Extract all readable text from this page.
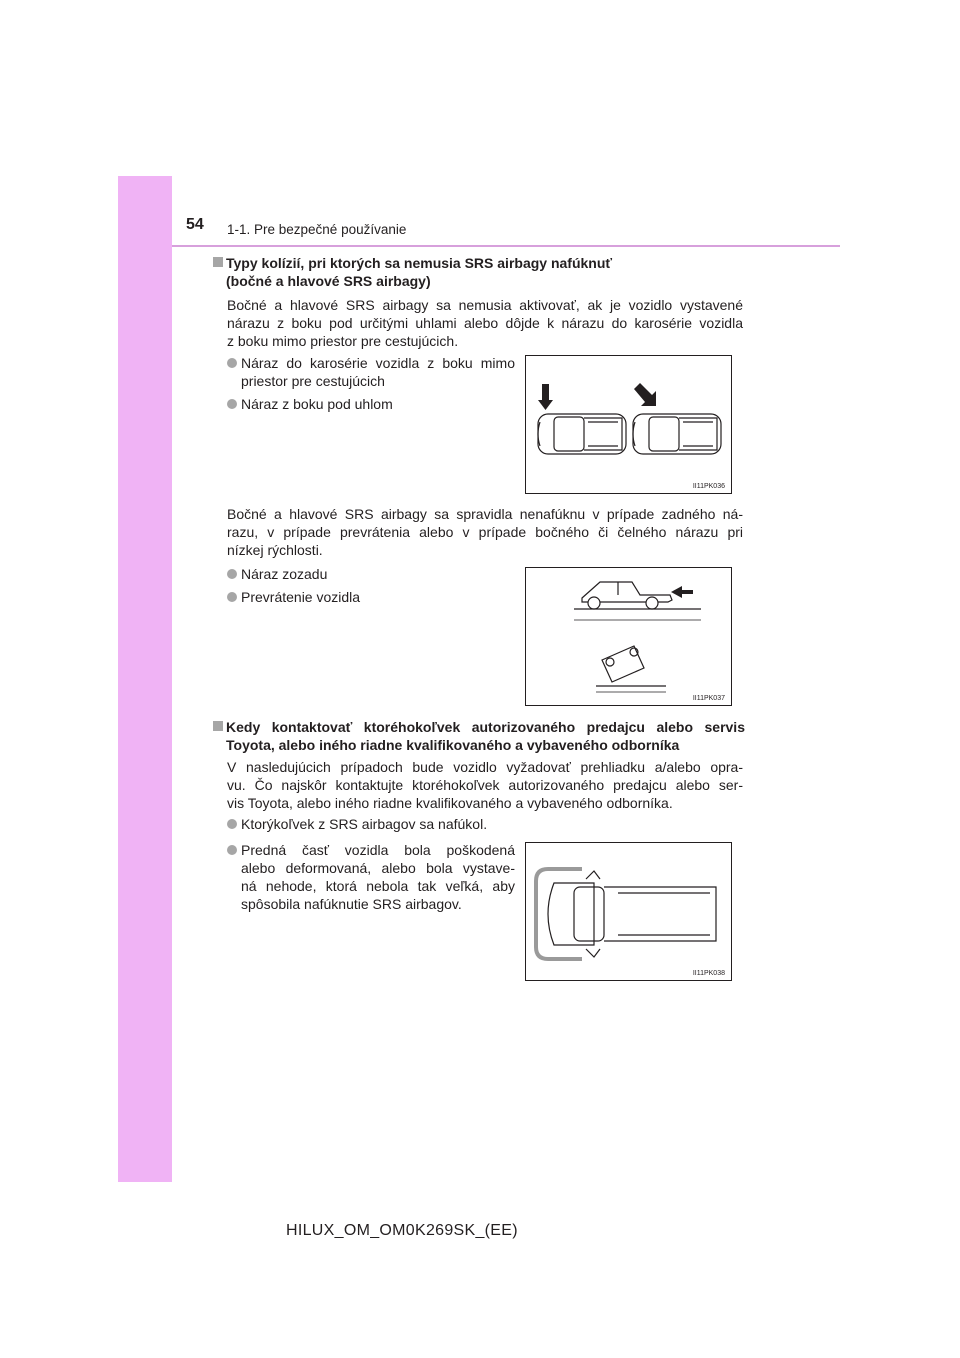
54 1-1. Pre bezpečné používanie
Typy kolízií, pri ktorých sa nemusia SRS airbagy nafúknuť
(bočné a hlavové SRS airbagy)
Bočné a hlavové SRS airbagy sa nemusia aktivovať, ak je vozidlo vystavené
nárazu z boku pod určitými uhlami alebo dôjde k nárazu do karosérie vozidla
z boku mimo priestor pre cestujúcich.
Náraz do karosérie vozidla z boku mimo
priestor pre cestujúcich
Náraz z boku pod uhlom
II11PK036
Bočné a hlavové SRS airbagy sa spravidla nenafúknu v prípade zadného ná-
razu, v prípade prevrátenia alebo v prípade bočného či čelného nárazu pri
nízkej rýchlosti.
Náraz zozadu
Prevrátenie vozidla
II11PK037
Kedy kontaktovať ktoréhokoľvek autorizovaného predajcu alebo servis
Toyota, alebo iného riadne kvalifikovaného a vybaveného odborníka
V nasledujúcich prípadoch bude vozidlo vyžadovať prehliadku a/alebo opra-
vu. Čo najskôr kontaktujte ktoréhokoľvek autorizovaného predajcu alebo ser-
vis Toyota, alebo iného riadne kvalifikovaného a vybaveného odborníka.
Ktorýkoľvek z SRS airbagov sa nafúkol.
Predná časť vozidla bola poškodená
alebo deformovaná, alebo bola vystave-
ná nehode, ktorá nebola tak veľká, aby
spôsobila nafúknutie SRS airbagov.
II11PK038
HILUX_OM_OM0K269SK_(EE)
